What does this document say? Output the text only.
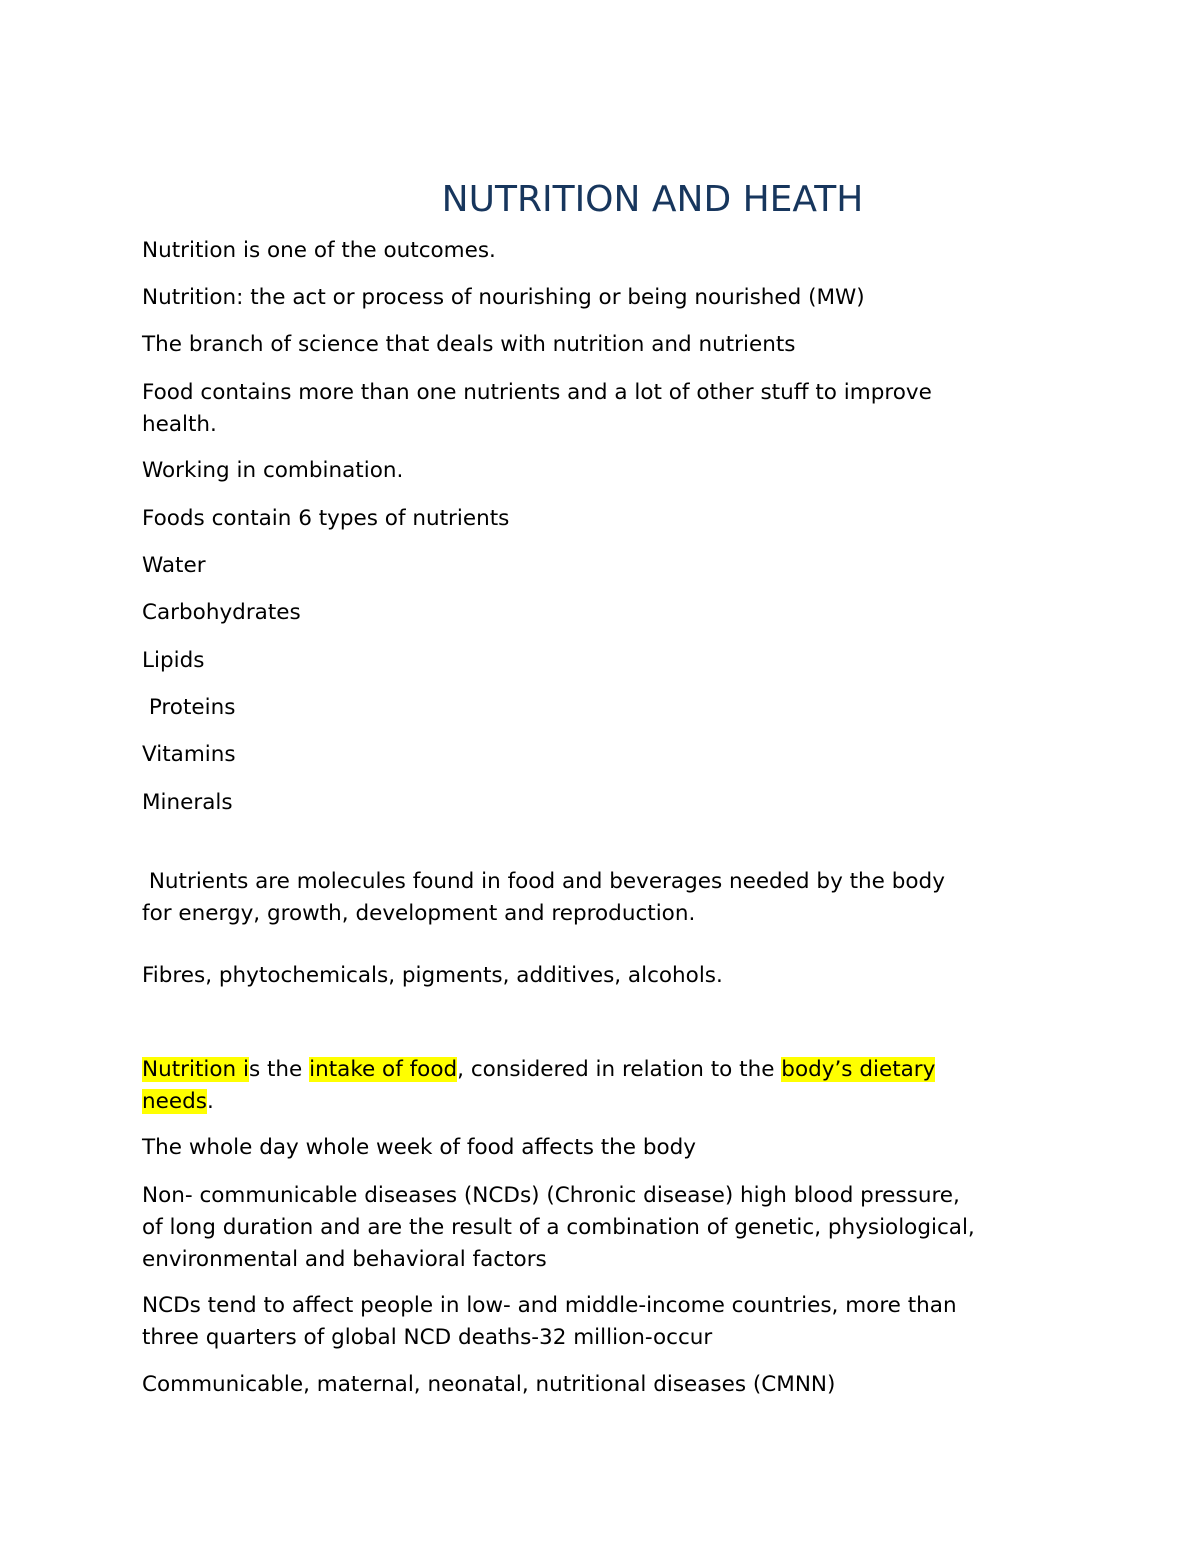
NUTRITION AND HEATH

Nutrition is one of the outcomes.

Nutrition: the act or process of nourishing or being nourished (MW)

The branch of science that deals with nutrition and nutrients

Food contains more than one nutrients and a lot of other stuff to improve
health.

Working in combination.

Foods contain 6 types of nutrients

Water

Carbohydrates

Lipids

Proteins

Vitamins

Minerals

Nutrients are molecules found in food and beverages needed by the body
for energy, growth, development and reproduction.

Fibres, phytochemicals, pigments, additives, alcohols.

Nutrition is the intake of food, considered in relation to the body’s dietary
needs.

The whole day whole week of food affects the body

Non- communicable diseases (NCDs) (Chronic disease) high blood pressure,
of long duration and are the result of a combination of genetic, physiological,
environmental and behavioral factors

NCDs tend to affect people in low- and middle-income countries, more than
three quarters of global NCD deaths-32 million-occur

Communicable, maternal, neonatal, nutritional diseases (CMNN)
